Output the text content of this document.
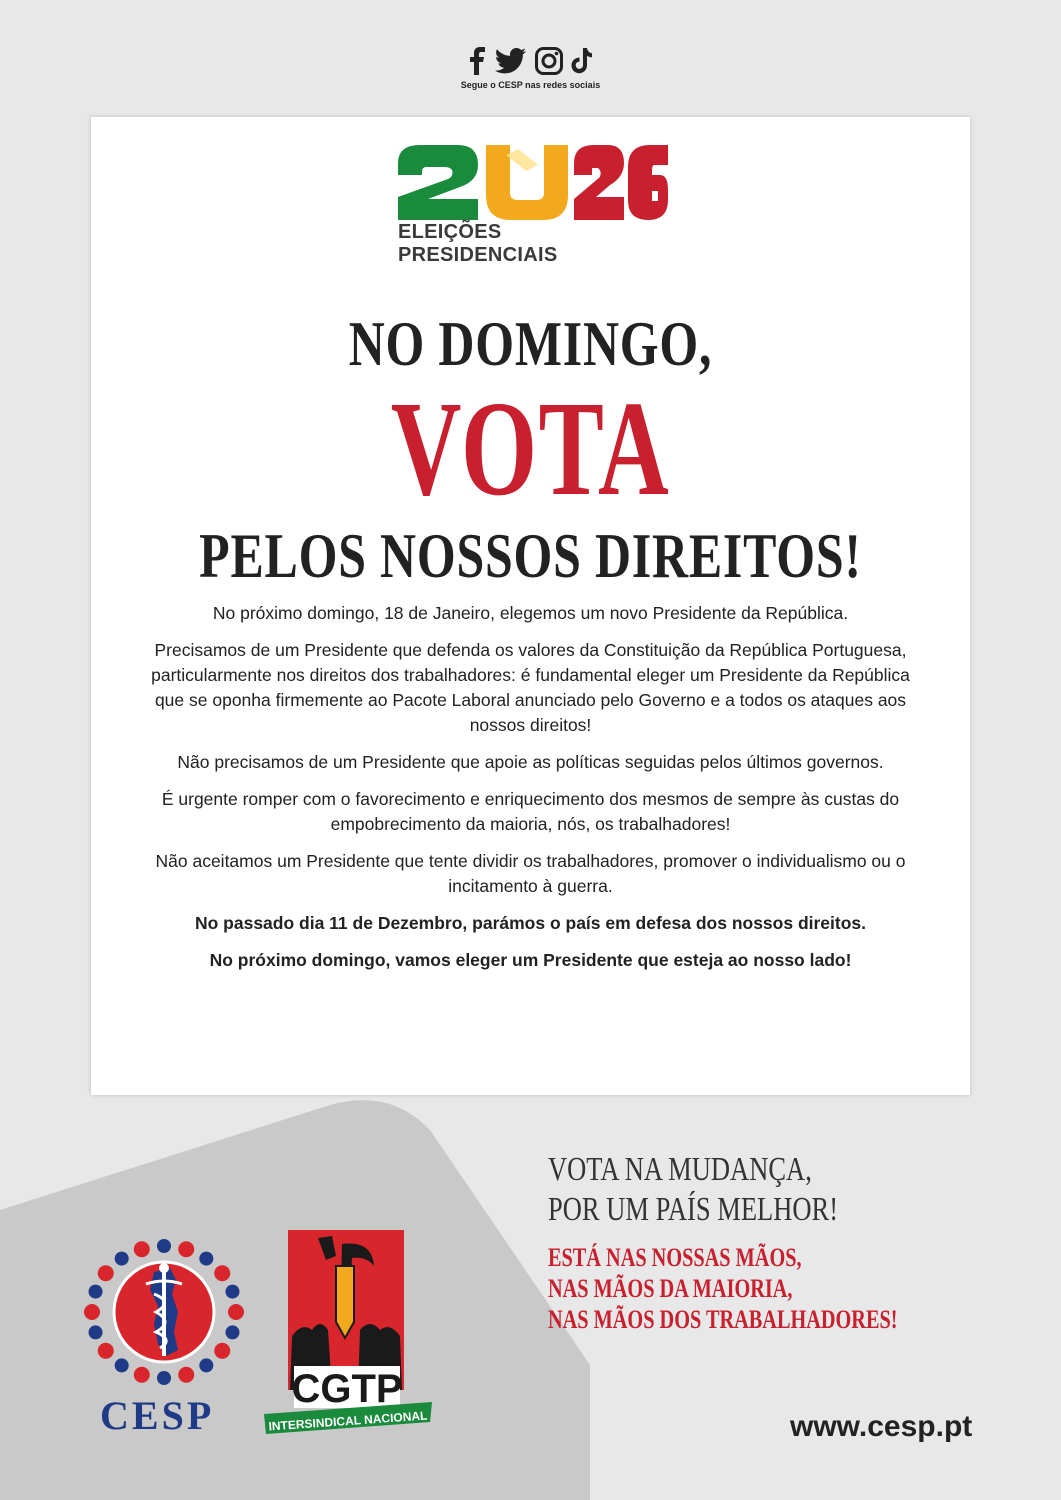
Segue o CESP nas redes sociais
ELEIÇÕES
PRESIDENCIAIS
NO DOMINGO,
VOTA
PELOS NOSSOS DIREITOS!

No próximo domingo, 18 de Janeiro, elegemos um novo Presidente da República.

Precisamos de um Presidente que defenda os valores da Constituição da República Portuguesa, particularmente nos direitos dos trabalhadores: é fundamental eleger um Presidente da República que se oponha firmemente ao Pacote Laboral anunciado pelo Governo e a todos os ataques aos nossos direitos!

Não precisamos de um Presidente que apoie as políticas seguidas pelos últimos governos.

É urgente romper com o favorecimento e enriquecimento dos mesmos de sempre às custas do empobrecimento da maioria, nós, os trabalhadores!

Não aceitamos um Presidente que tente dividir os trabalhadores, promover o individualismo ou o incitamento à guerra.

No passado dia 11 de Dezembro, parámos o país em defesa dos nossos direitos.

No próximo domingo, vamos eleger um Presidente que esteja ao nosso lado!

VOTA NA MUDANÇA,
POR UM PAÍS MELHOR!
ESTÁ NAS NOSSAS MÃOS,
NAS MÃOS DA MAIORIA,
NAS MÃOS DOS TRABALHADORES!
CESP
CGTP
INTERSINDICAL NACIONAL	www.cesp.pt
